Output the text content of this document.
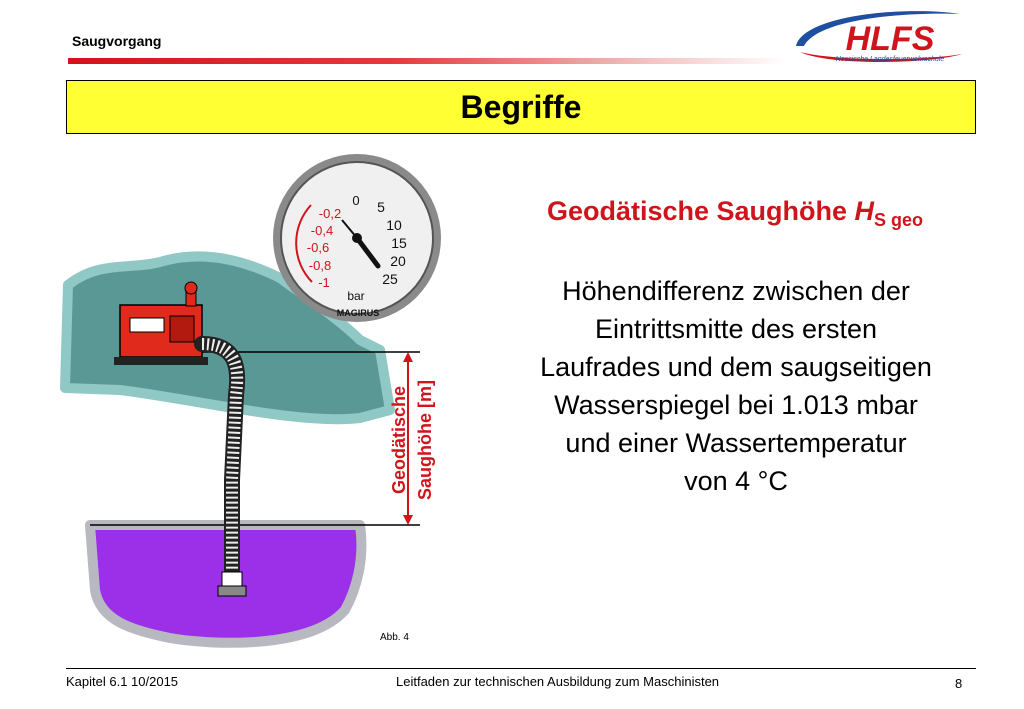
Saugvorgang	HLFS
Hessische Landesfeuerwehrschule
Begriffe
Geodätische Saughöhe [m]
-0,2
-0,4
-0,6
-0,8
-1
0 5
10
15
20
25
bar
MAGIRUS
Geodätische Saughöhe $H_{S geo}$
Höhendifferenz zwischen der
Eintrittsmitte des ersten
Laufrades und dem saugseitigen
Wasserspiegel bei 1.013 mbar
und einer Wassertemperatur
von 4 °C
Abb. 4
Kapitel 6.1 10/2015	Leitfaden zur technischen Ausbildung zum Maschinisten	8
